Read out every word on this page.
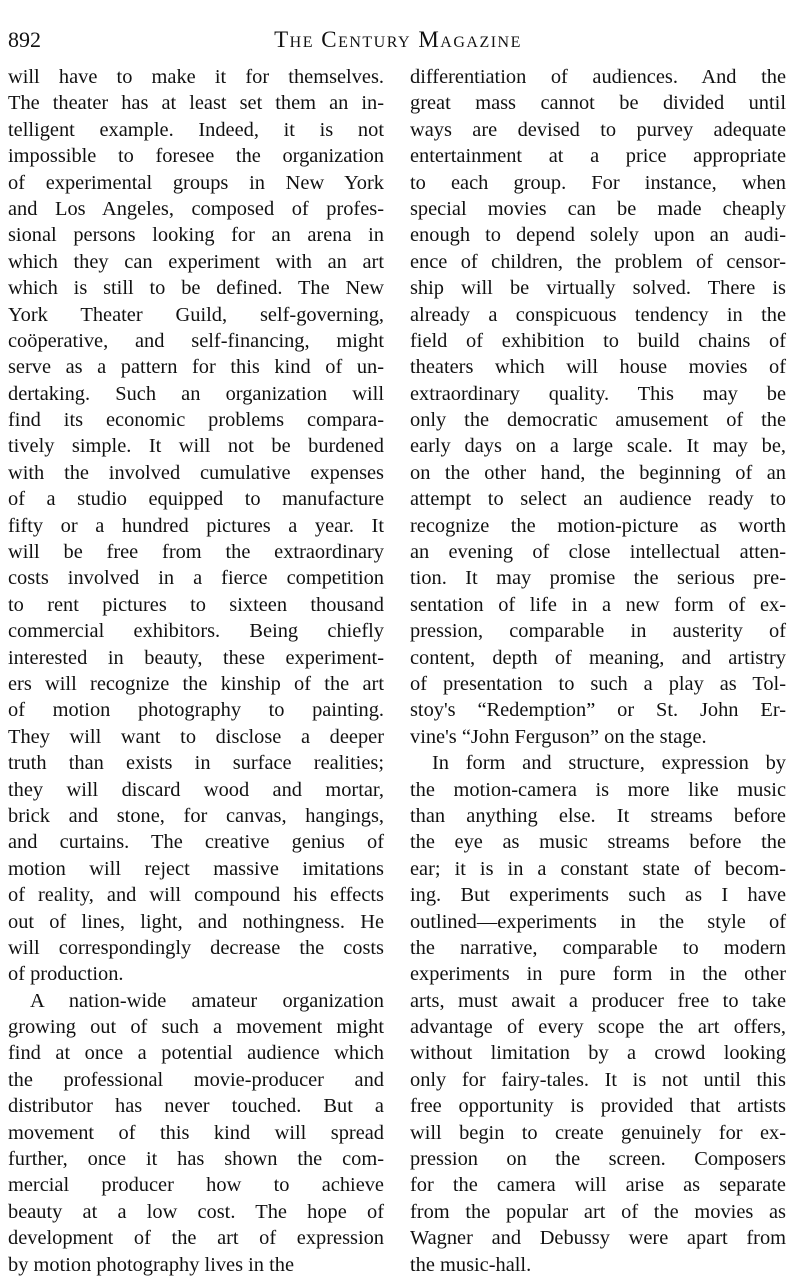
892	The Century Magazine
will have to make it for themselves.
The theater has at least set them an in-
telligent example. Indeed, it is not
impossible to foresee the organization
of experimental groups in New York
and Los Angeles, composed of profes-
sional persons looking for an arena in
which they can experiment with an art
which is still to be defined. The New
York Theater Guild, self-governing,
coöperative, and self-financing, might
serve as a pattern for this kind of un-
dertaking. Such an organization will
find its economic problems compara-
tively simple. It will not be burdened
with the involved cumulative expenses
of a studio equipped to manufacture
fifty or a hundred pictures a year. It
will be free from the extraordinary
costs involved in a fierce competition
to rent pictures to sixteen thousand
commercial exhibitors. Being chiefly
interested in beauty, these experiment-
ers will recognize the kinship of the art
of motion photography to painting.
They will want to disclose a deeper
truth than exists in surface realities;
they will discard wood and mortar,
brick and stone, for canvas, hangings,
and curtains. The creative genius of
motion will reject massive imitations
of reality, and will compound his effects
out of lines, light, and nothingness. He
will correspondingly decrease the costs
of production.
A nation-wide amateur organization
growing out of such a movement might
find at once a potential audience which
the professional movie-producer and
distributor has never touched. But a
movement of this kind will spread
further, once it has shown the com-
mercial producer how to achieve
beauty at a low cost. The hope of
development of the art of expression
by motion photography lives in the
differentiation of audiences. And the
great mass cannot be divided until
ways are devised to purvey adequate
entertainment at a price appropriate
to each group. For instance, when
special movies can be made cheaply
enough to depend solely upon an audi-
ence of children, the problem of censor-
ship will be virtually solved. There is
already a conspicuous tendency in the
field of exhibition to build chains of
theaters which will house movies of
extraordinary quality. This may be
only the democratic amusement of the
early days on a large scale. It may be,
on the other hand, the beginning of an
attempt to select an audience ready to
recognize the motion-picture as worth
an evening of close intellectual atten-
tion. It may promise the serious pre-
sentation of life in a new form of ex-
pression, comparable in austerity of
content, depth of meaning, and artistry
of presentation to such a play as Tol-
stoy's “Redemption” or St. John Er-
vine's “John Ferguson” on the stage.
In form and structure, expression by
the motion-camera is more like music
than anything else. It streams before
the eye as music streams before the
ear; it is in a constant state of becom-
ing. But experiments such as I have
outlined—experiments in the style of
the narrative, comparable to modern
experiments in pure form in the other
arts, must await a producer free to take
advantage of every scope the art offers,
without limitation by a crowd looking
only for fairy-tales. It is not until this
free opportunity is provided that artists
will begin to create genuinely for ex-
pression on the screen. Composers
for the camera will arise as separate
from the popular art of the movies as
Wagner and Debussy were apart from
the music-hall.
